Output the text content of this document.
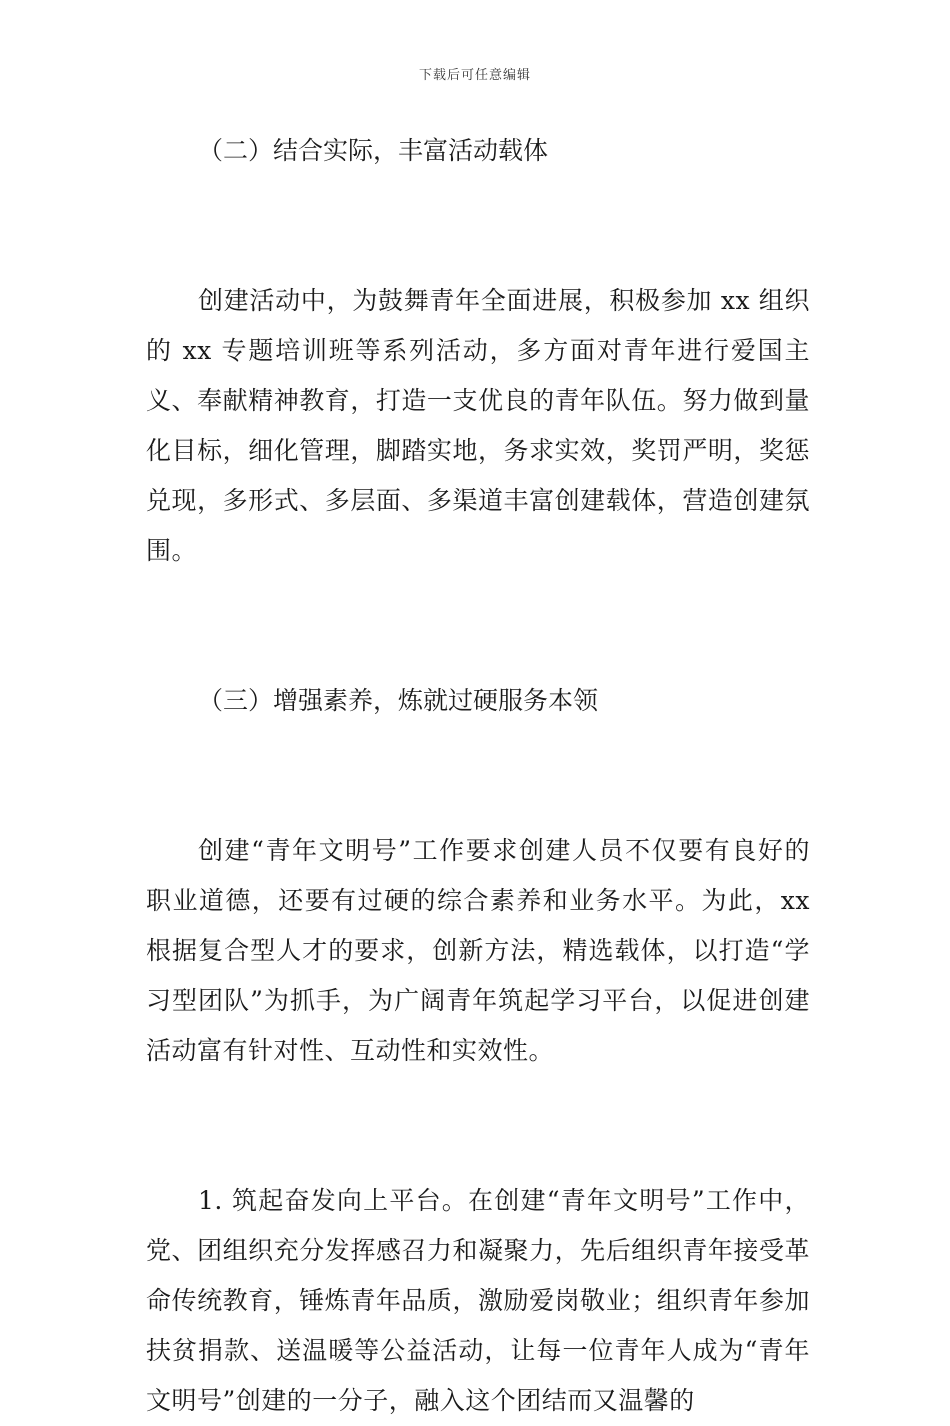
下载后可任意编辑

（二）结合实际，丰富活动载体

创建活动中，为鼓舞青年全面进展，积极参加 xx 组织的 xx 专题培训班等系列活动，多方面对青年进行爱国主义、奉献精神教育，打造一支优良的青年队伍。努力做到量化目标，细化管理，脚踏实地，务求实效，奖罚严明，奖惩兑现，多形式、多层面、多渠道丰富创建载体，营造创建氛围。

（三）增强素养，炼就过硬服务本领

创建“青年文明号”工作要求创建人员不仅要有良好的职业道德，还要有过硬的综合素养和业务水平。为此，xx 根据复合型人才的要求，创新方法，精选载体，以打造“学习型团队”为抓手，为广阔青年筑起学习平台，以促进创建活动富有针对性、互动性和实效性。

1. 筑起奋发向上平台。在创建“青年文明号”工作中，党、团组织充分发挥感召力和凝聚力，先后组织青年接受革命传统教育，锤炼青年品质，激励爱岗敬业；组织青年参加扶贫捐款、送温暖等公益活动，让每一位青年人成为“青年文明号”创建的一分子，融入这个团结而又温馨的
